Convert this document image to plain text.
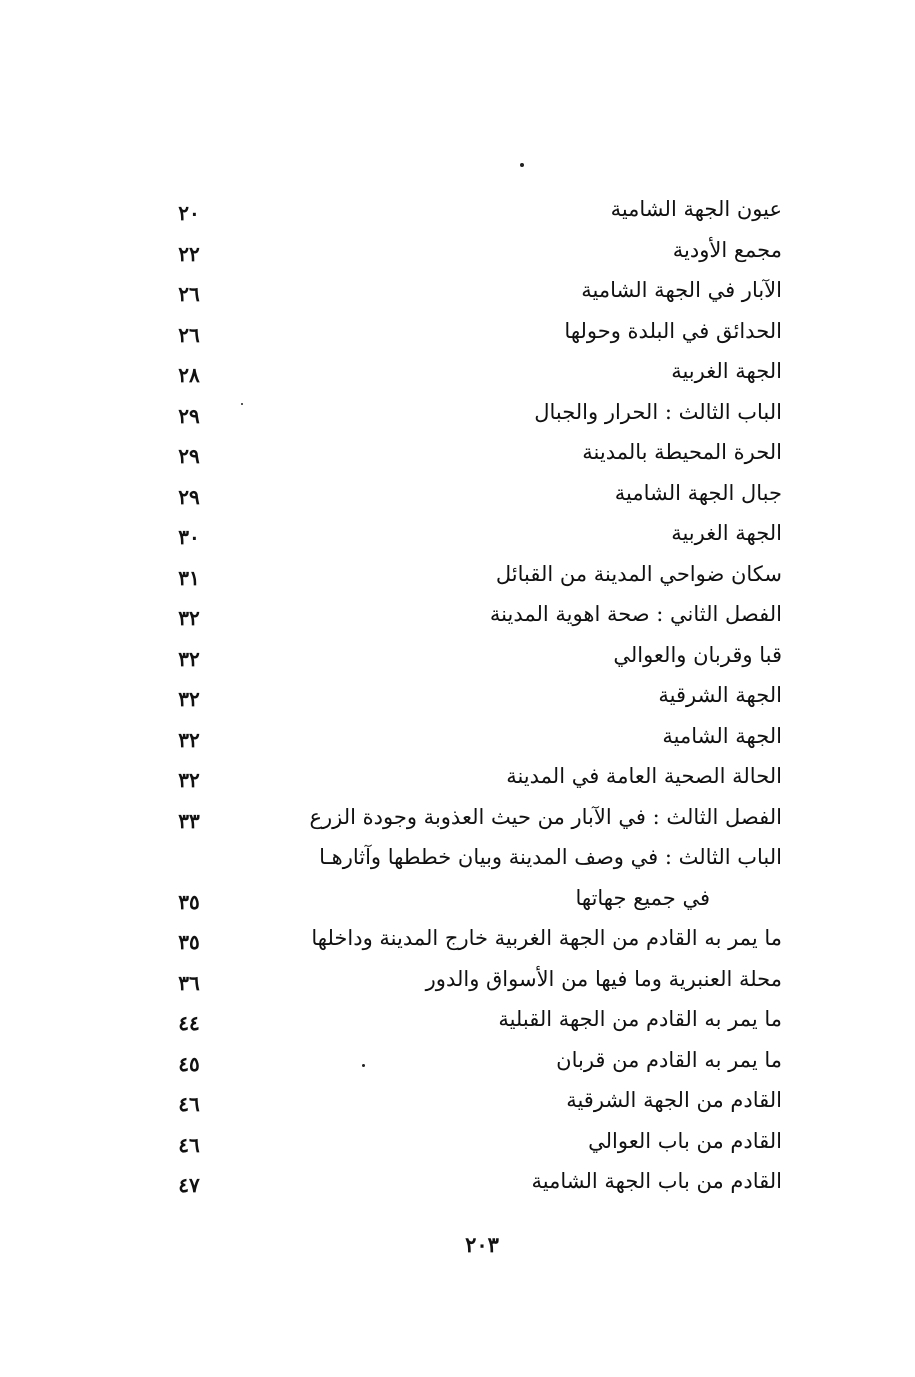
عيون الجهة الشامية
٢٠
مجمع الأودية
٢٢
الآبار في الجهة الشامية
٢٦
الحدائق في البلدة وحولها
٢٦
الجهة الغربية
٢٨
الباب الثالث : الحرار والجبال
٢٩
الحرة المحيطة بالمدينة
٢٩
جبال الجهة الشامية
٢٩
الجهة الغربية
٣٠
سكان ضواحي المدينة من القبائل
٣١
الفصل الثاني : صحة اهوية المدينة
٣٢
قبا وقربان والعوالي
٣٢
الجهة الشرقية
٣٢
الجهة الشامية
٣٢
الحالة الصحية العامة في المدينة
٣٢
الفصل الثالث : في الآبار من حيث العذوبة وجودة الزرع
٣٣
الباب الثالث : في وصف المدينة وبيان خططها وآثارهـا
في جميع جهاتها
٣٥
ما يمر به القادم من الجهة الغربية خارج المدينة وداخلها
٣٥
محلة العنبرية وما فيها من الأسواق والدور
٣٦
ما يمر به القادم من الجهة القبلية
٤٤
ما يمر به القادم من قربان
٤٥
القادم من الجهة الشرقية
٤٦
القادم من باب العوالي
٤٦
القادم من باب الجهة الشامية
٤٧
٢٠٣
